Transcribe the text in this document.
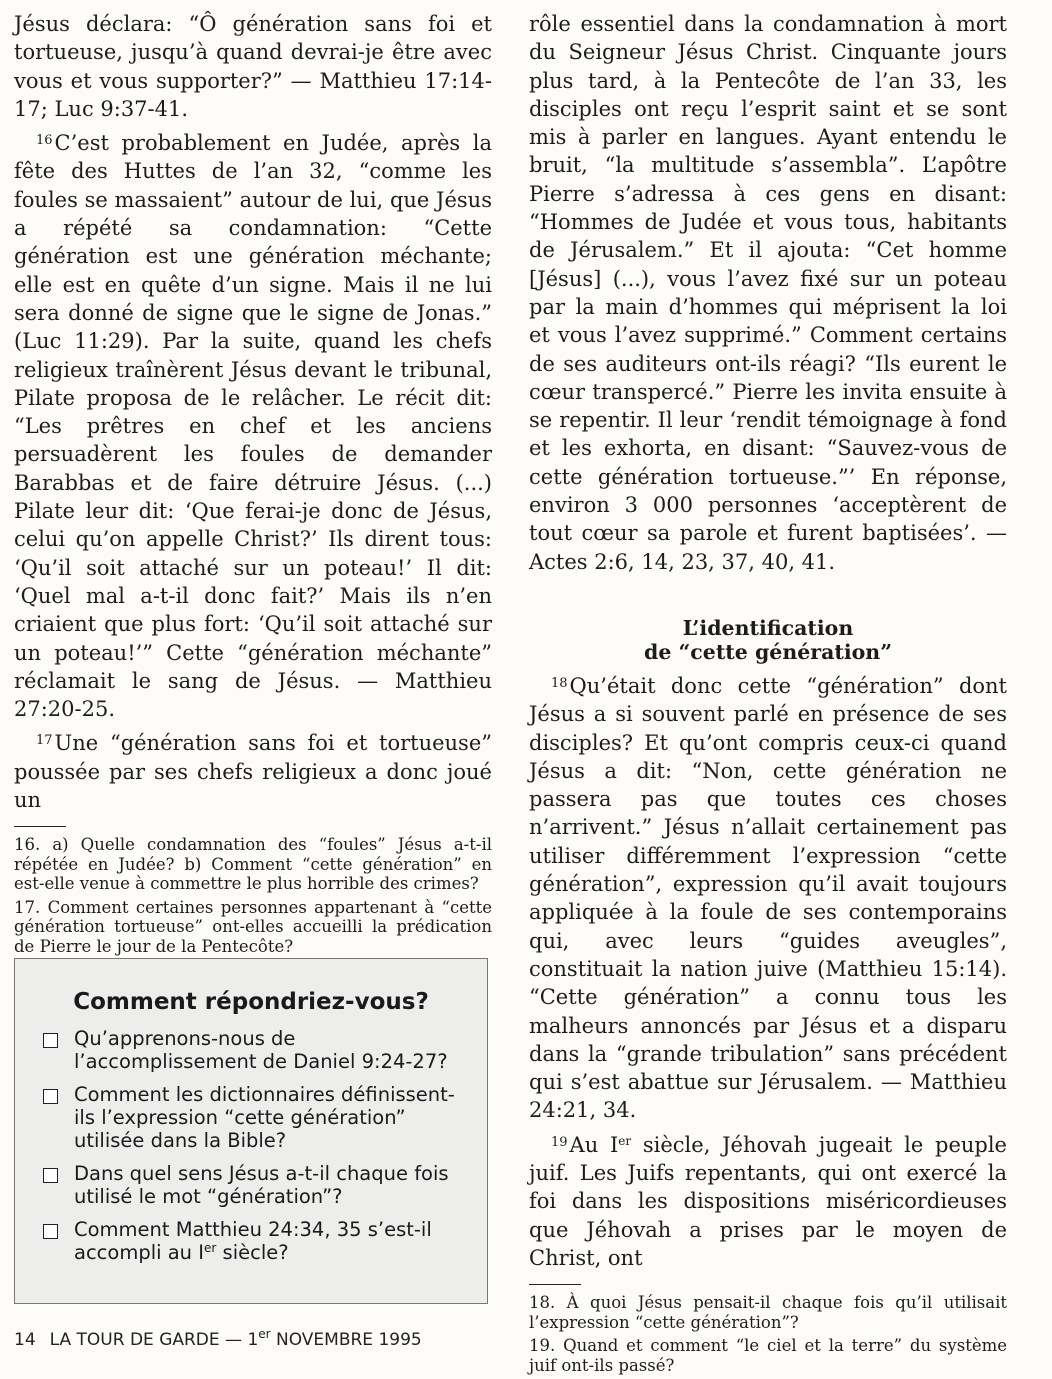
Jésus déclara: “Ô génération sans foi et tortueuse, jusqu’à quand devrai-je être avec vous et vous supporter?” — Matthieu 17:14-17; Luc 9:37-41.

$^{16}$C’est probablement en Judée, après la fête des Huttes de l’an 32, “comme les foules se massaient” autour de lui, que Jésus a répété sa condamnation: “Cette génération est une génération méchante; elle est en quête d’un signe. Mais il ne lui sera donné de signe que le signe de Jonas.” (Luc 11:29). Par la suite, quand les chefs religieux traînèrent Jésus devant le tribunal, Pilate proposa de le relâcher. Le récit dit: “Les prêtres en chef et les anciens persuadèrent les foules de demander Barabbas et de faire détruire Jésus. (...) Pilate leur dit: ‘Que ferai-je donc de Jésus, celui qu’on appelle Christ?’ Ils dirent tous: ‘Qu’il soit attaché sur un poteau!’ Il dit: ‘Quel mal a-t-il donc fait?’ Mais ils n’en criaient que plus fort: ‘Qu’il soit attaché sur un poteau!’” Cette “génération méchante” réclamait le sang de Jésus. — Matthieu 27:20-25.

$^{17}$Une “génération sans foi et tortueuse” poussée par ses chefs religieux a donc joué un

16. a) Quelle condamnation des “foules” Jésus a-t-il répétée en Judée? b) Comment “cette génération” en est-elle venue à commettre le plus horrible des crimes?

17. Comment certaines personnes appartenant à “cette génération tortueuse” ont-elles accueilli la prédication de Pierre le jour de la Pentecôte?

Comment répondriez-vous?
Qu’apprenons-nous de l’accomplissement de Daniel 9:24-27?
Comment les dictionnaires définissent-ils l’expression “cette génération” utilisée dans la Bible?
Dans quel sens Jésus a-t-il chaque fois utilisé le mot “génération”?
Comment Matthieu 24:34, 35 s’est-il accompli au Ier siècle?

rôle essentiel dans la condamnation à mort du Seigneur Jésus Christ. Cinquante jours plus tard, à la Pentecôte de l’an 33, les disciples ont reçu l’esprit saint et se sont mis à parler en langues. Ayant entendu le bruit, “la multitude s’assembla”. L’apôtre Pierre s’adressa à ces gens en disant: “Hommes de Judée et vous tous, habitants de Jérusalem.” Et il ajouta: “Cet homme [Jésus] (...), vous l’avez fixé sur un poteau par la main d’hommes qui méprisent la loi et vous l’avez supprimé.” Comment certains de ses auditeurs ont-ils réagi? “Ils eurent le cœur transpercé.” Pierre les invita ensuite à se repentir. Il leur ‘rendit témoignage à fond et les exhorta, en disant: “Sauvez-vous de cette génération tortueuse.”’ En réponse, environ 3 000 personnes ‘acceptèrent de tout cœur sa parole et furent baptisées’. — Actes 2:6, 14, 23, 37, 40, 41.

L’identification
de “cette génération”

$^{18}$Qu’était donc cette “génération” dont Jésus a si souvent parlé en présence de ses disciples? Et qu’ont compris ceux-ci quand Jésus a dit: “Non, cette génération ne passera pas que toutes ces choses n’arrivent.” Jésus n’allait certainement pas utiliser différemment l’expression “cette génération”, expression qu’il avait toujours appliquée à la foule de ses contemporains qui, avec leurs “guides aveugles”, constituait la nation juive (Matthieu 15:14). “Cette génération” a connu tous les malheurs annoncés par Jésus et a disparu dans la “grande tribulation” sans précédent qui s’est abattue sur Jérusalem. — Matthieu 24:21, 34.

$^{19}$Au Ier siècle, Jéhovah jugeait le peuple juif. Les Juifs repentants, qui ont exercé la foi dans les dispositions miséricordieuses que Jéhovah a prises par le moyen de Christ, ont

18. À quoi Jésus pensait-il chaque fois qu’il utilisait l’expression “cette génération”?

19. Quand et comment “le ciel et la terre” du système juif ont-ils passé?

14 LA TOUR DE GARDE — 1er NOVEMBRE 1995
